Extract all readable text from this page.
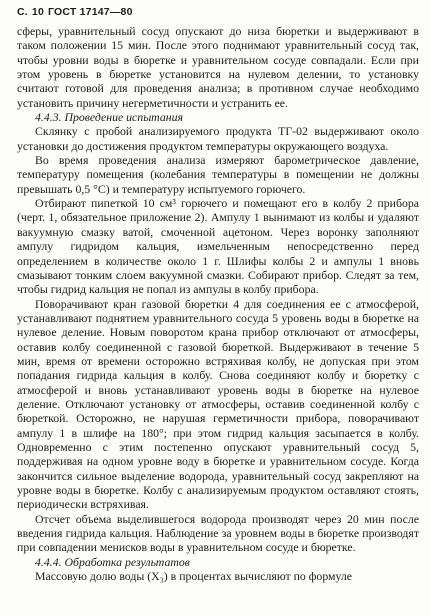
С. 10 ГОСТ 17147—80

сферы, уравнительный сосуд опускают до низа бюретки и выдерживают в таком положении 15 мин. После этого поднимают уравнительный сосуд так, чтобы уровни воды в бюретке и уравнительном сосуде совпадали. Если при этом уровень в бюретке установится на нулевом делении, то установку считают готовой для проведения анализа; в противном случае необходимо установить причину негерметичности и устранить ее.

4.4.3. Проведение испытания

Склянку с пробой анализируемого продукта ТГ-02 выдерживают около установки до достижения продуктом температуры окружающего воздуха.

Во время проведения анализа измеряют барометрическое давление, температуру помещения (колебания температуры в помещении не должны превышать 0,5 °С) и температуру испытуемого горючего.

Отбирают пипеткой 10 см³ горючего и помещают его в колбу 2 прибора (черт. 1, обязательное приложение 2). Ампулу 1 вынимают из колбы и удаляют вакуумную смазку ватой, смоченной ацетоном. Через воронку заполняют ампулу гидридом кальция, измельченным непосредственно перед определением в количестве около 1 г. Шлифы колбы 2 и ампулы 1 вновь смазывают тонким слоем вакуумной смазки. Собирают прибор. Следят за тем, чтобы гидрид кальция не попал из ампулы в колбу прибора.

Поворачивают кран газовой бюретки 4 для соединения ее с атмосферой, устанавливают поднятием уравнительного сосуда 5 уровень воды в бюретке на нулевое деление. Новым поворотом крана прибор отключают от атмосферы, оставив колбу соединенной с газовой бюреткой. Выдерживают в течение 5 мин, время от времени осторожно встряхивая колбу, не допуская при этом попадания гидрида кальция в колбу. Снова соединяют колбу и бюретку с атмосферой и вновь устанавливают уровень воды в бюретке на нулевое деление. Отключают установку от атмосферы, оставив соединенной колбу с бюреткой. Осторожно, не нарушая герметичности прибора, поворачивают ампулу 1 в шлифе на 180°; при этом гидрид кальция засыпается в колбу. Одновременно с этим постепенно опускают уравнительный сосуд 5, поддерживая на одном уровне воду в бюретке и уравнительном сосуде. Когда закончится сильное выделение водорода, уравнительный сосуд закрепляют на уровне воды в бюретке. Колбу с анализируемым продуктом оставляют стоять, периодически встряхивая.

Отсчет объема выделившегося водорода производят через 20 мин после введения гидрида кальция. Наблюдение за уровнем воды в бюретке производят при совпадении менисков воды в уравнительном сосуде и бюретке.

4.4.4. Обработка результатов

Массовую долю воды (X₃) в процентах вычисляют по формуле
